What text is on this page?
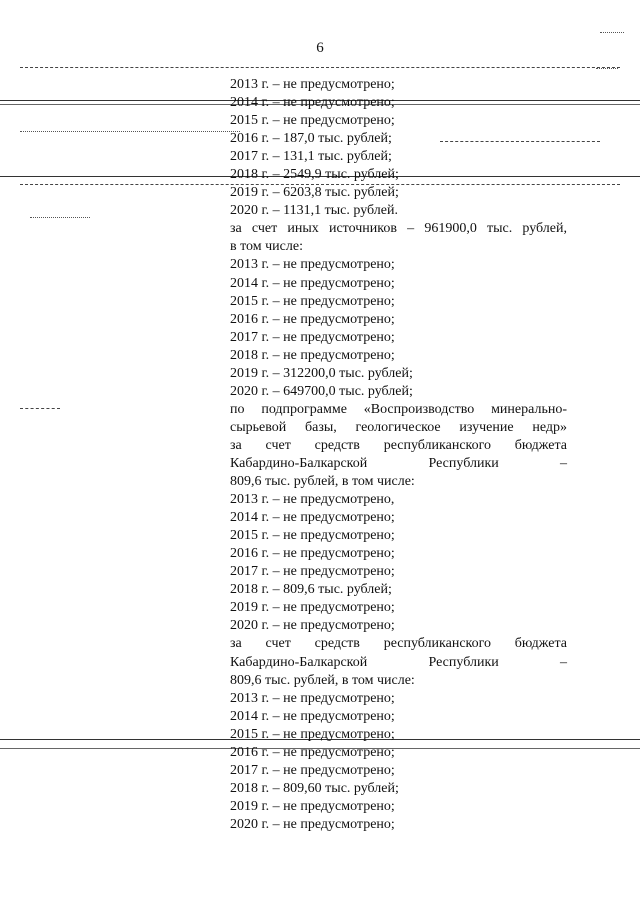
6
2013 г. – не предусмотрено;
2014 г. – не предусмотрено;
2015 г. – не предусмотрено;
2016 г. – 187,0 тыс. рублей;
2017 г. – 131,1 тыс. рублей;
2018 г. – 2549,9 тыс. рублей;
2019 г. – 6203,8 тыс. рублей;
2020 г. – 1131,1 тыс. рублей.
за счет иных источников – 961900,0 тыс. рублей,
в том числе:
2013 г. – не предусмотрено;
2014 г. – не предусмотрено;
2015 г. – не предусмотрено;
2016 г. – не предусмотрено;
2017 г. – не предусмотрено;
2018 г. – не предусмотрено;
2019 г. – 312200,0 тыс. рублей;
2020 г. – 649700,0 тыс. рублей;
по подпрограмме «Воспроизводство минерально-
сырьевой базы, геологическое изучение недр»
за счет средств республиканского бюджета
Кабардино-Балкарской Республики –
809,6 тыс. рублей, в том числе:
2013 г. – не предусмотрено,
2014 г. – не предусмотрено;
2015 г. – не предусмотрено;
2016 г. – не предусмотрено;
2017 г. – не предусмотрено;
2018 г. – 809,6 тыс. рублей;
2019 г. – не предусмотрено;
2020 г. – не предусмотрено;
за счет средств республиканского бюджета
Кабардино-Балкарской Республики –
809,6 тыс. рублей, в том числе:
2013 г. – не предусмотрено;
2014 г. – не предусмотрено;
2015 г. – не предусмотрено;
2016 г. – не предусмотрено;
2017 г. – не предусмотрено;
2018 г. – 809,60 тыс. рублей;
2019 г. – не предусмотрено;
2020 г. – не предусмотрено;
